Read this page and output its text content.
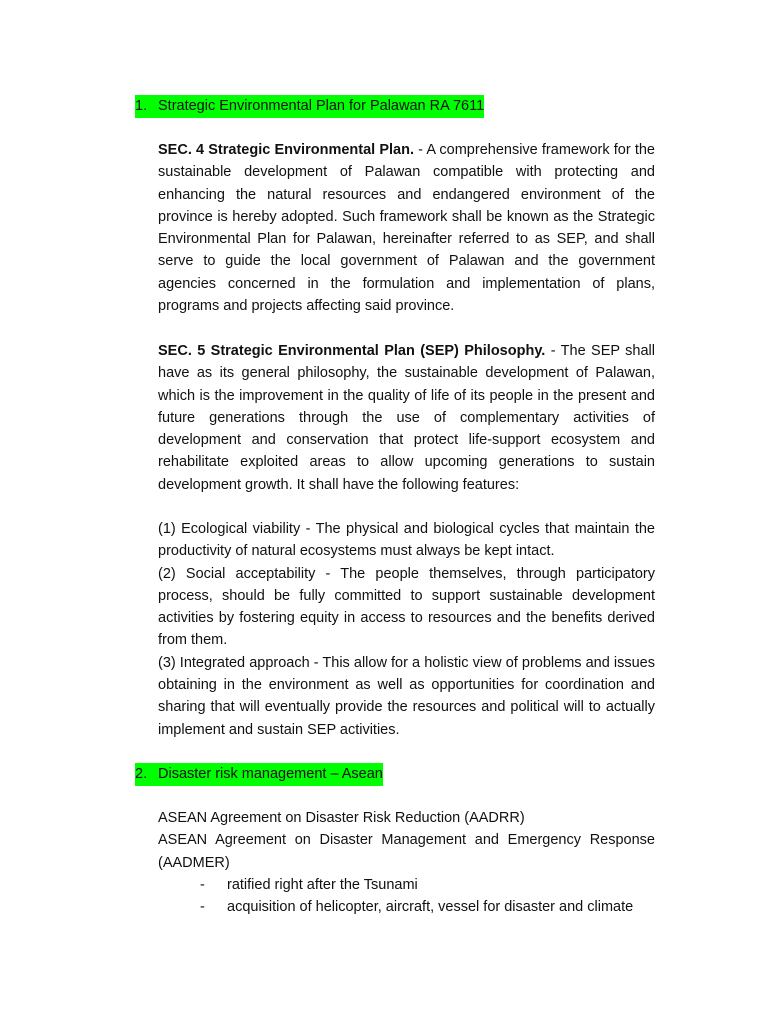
1. Strategic Environmental Plan for Palawan RA 7611

SEC. 4 Strategic Environmental Plan. - A comprehensive framework for the sustainable development of Palawan compatible with protecting and enhancing the natural resources and endangered environment of the province is hereby adopted. Such framework shall be known as the Strategic Environmental Plan for Palawan, hereinafter referred to as SEP, and shall serve to guide the local government of Palawan and the government agencies concerned in the formulation and implementation of plans, programs and projects affecting said province.

SEC. 5 Strategic Environmental Plan (SEP) Philosophy. - The SEP shall have as its general philosophy, the sustainable development of Palawan, which is the improvement in the quality of life of its people in the present and future generations through the use of complementary activities of development and conservation that protect life-support ecosystem and rehabilitate exploited areas to allow upcoming generations to sustain development growth. It shall have the following features:

(1) Ecological viability - The physical and biological cycles that maintain the productivity of natural ecosystems must always be kept intact.

(2) Social acceptability - The people themselves, through participatory process, should be fully committed to support sustainable development activities by fostering equity in access to resources and the benefits derived from them.

(3) Integrated approach - This allow for a holistic view of problems and issues obtaining in the environment as well as opportunities for coordination and sharing that will eventually provide the resources and political will to actually implement and sustain SEP activities.

2. Disaster risk management – Asean

ASEAN Agreement on Disaster Risk Reduction (AADRR)

ASEAN Agreement on Disaster Management and Emergency Response (AADMER)

- ratified right after the Tsunami
- acquisition of helicopter, aircraft, vessel for disaster and climate
